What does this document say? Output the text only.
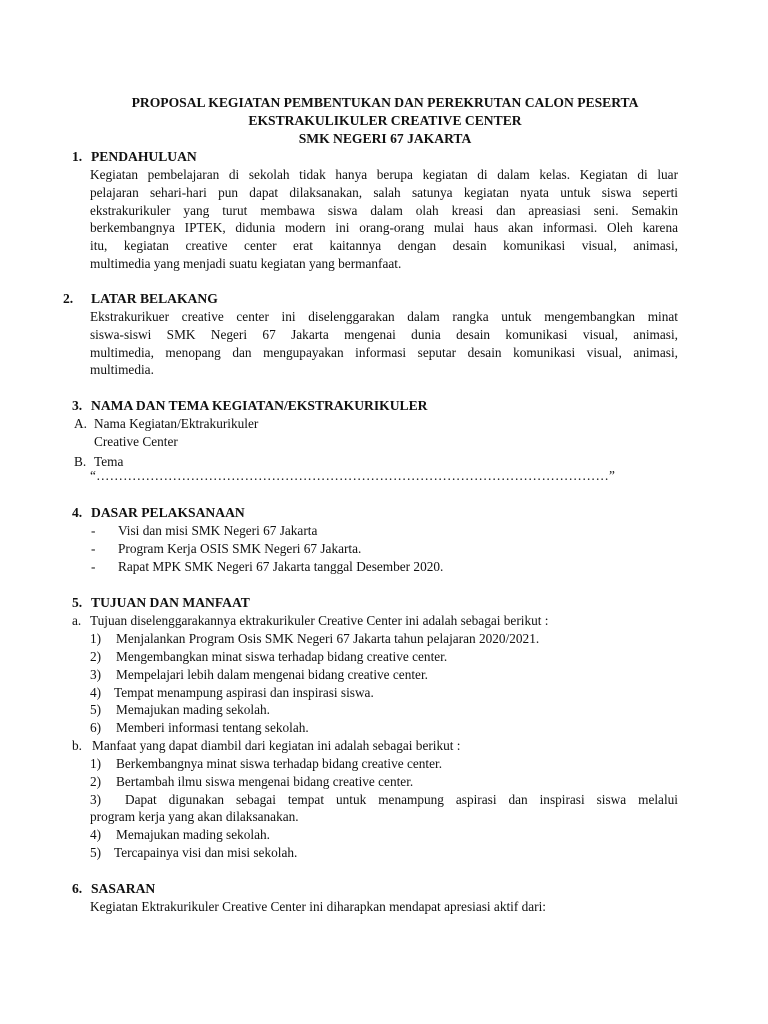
PROPOSAL KEGIATAN PEMBENTUKAN DAN PEREKRUTAN CALON PESERTA
EKSTRAKULIKULER CREATIVE CENTER
SMK NEGERI 67 JAKARTA
1. PENDAHULUAN
Kegiatan pembelajaran di sekolah tidak hanya berupa kegiatan di dalam kelas. Kegiatan di luar
pelajaran sehari-hari pun dapat dilaksanakan, salah satunya kegiatan nyata untuk siswa seperti
ekstrakurikuler yang turut membawa siswa dalam olah kreasi dan apreasiasi seni. Semakin
berkembangnya IPTEK, didunia modern ini orang-orang mulai haus akan informasi. Oleh karena
itu, kegiatan creative center erat kaitannya dengan desain komunikasi visual, animasi,
multimedia yang menjadi suatu kegiatan yang bermanfaat.
2. LATAR BELAKANG
Ekstrakurikuer creative center ini diselenggarakan dalam rangka untuk mengembangkan minat
siswa-siswi SMK Negeri 67 Jakarta mengenai dunia desain komunikasi visual, animasi,
multimedia, menopang dan mengupayakan informasi seputar desain komunikasi visual, animasi,
multimedia.
3. NAMA DAN TEMA KEGIATAN/EKSTRAKURIKULER
A. Nama Kegiatan/Ektrakurikuler
Creative Center
B. Tema
“……………………………………………………………………………………………………”
4. DASAR PELAKSANAAN
- Visi dan misi SMK Negeri 67 Jakarta
- Program Kerja OSIS SMK Negeri 67 Jakarta.
- Rapat MPK SMK Negeri 67 Jakarta tanggal Desember 2020.
5. TUJUAN DAN MANFAAT
a. Tujuan diselenggarakannya ektrakurikuler Creative Center ini adalah sebagai berikut :
1) Menjalankan Program Osis SMK Negeri 67 Jakarta tahun pelajaran 2020/2021.
2) Mengembangkan minat siswa terhadap bidang creative center.
3) Mempelajari lebih dalam mengenai bidang creative center.
4) Tempat menampung aspirasi dan inspirasi siswa.
5) Memajukan mading sekolah.
6) Memberi informasi tentang sekolah.
b. Manfaat yang dapat diambil dari kegiatan ini adalah sebagai berikut :
1) Berkembangnya minat siswa terhadap bidang creative center.
2) Bertambah ilmu siswa mengenai bidang creative center.
3) Dapat digunakan sebagai tempat untuk menampung aspirasi dan inspirasi siswa melalui
program kerja yang akan dilaksanakan.
4) Memajukan mading sekolah.
5) Tercapainya visi dan misi sekolah.
6. SASARAN
Kegiatan Ektrakurikuler Creative Center ini diharapkan mendapat apresiasi aktif dari:
